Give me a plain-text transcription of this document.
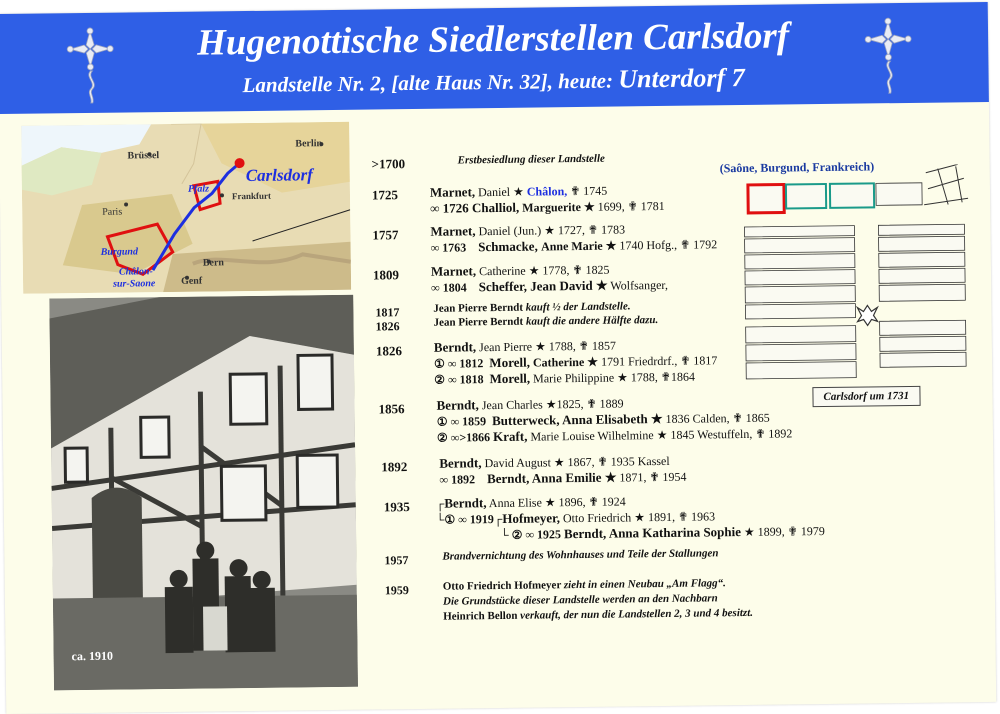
Hugenottische Siedlerstellen Carlsdorf
Landstelle Nr. 2, [alte Haus Nr. 32], heute: Unterdorf 7
Carlsdorf
Berlin
Brüssel
Paris
Pfalz
Frankfurt
Burgund
Châlon-
sur-Saone
Bern
Genf
ca. 1910
(Saône, Burgund, Frankreich)
Carlsdorf um 1731
>1700	Erstbesiedlung dieser Landstelle
1725 Marnet, Daniel ★ Châlon, ✟ 1745
∞ 1726 Challiol, Marguerite ★ 1699, ✟ 1781
1757 Marnet, Daniel (Jun.) ★ 1727, ✟ 1783
∞ 1763 Schmacke, Anne Marie ★ 1740 Hofg., ✟ 1792
1809 Marnet, Catherine ★ 1778, ✟ 1825
∞ 1804 Scheffer, Jean David ★ Wolfsanger,
1817	Jean Pierre Berndt kauft ½ der Landstelle.
1826	Jean Pierre Berndt kauft die andere Hälfte dazu.
1826 Berndt, Jean Pierre ★ 1788, ✟ 1857
① ∞ 1812 Morell, Catherine ★ 1791 Friedrdrf., ✟ 1817
② ∞ 1818 Morell, Marie Philippine ★ 1788, ✟1864
1856 Berndt, Jean Charles ★1825, ✟ 1889
① ∞ 1859 Butterweck, Anna Elisabeth ★ 1836 Calden, ✟ 1865
② ∞>1866 Kraft, Marie Louise Wilhelmine ★ 1845 Westuffeln, ✟ 1892
1892 Berndt, David August ★ 1867, ✟ 1935 Kassel
∞ 1892 Berndt, Anna Emilie ★ 1871, ✟ 1954
1935 ┌Berndt, Anna Elise ★ 1896, ✟ 1924
└① ∞ 1919┌Hofmeyer, Otto Friedrich ★ 1891, ✟ 1963
└ ② ∞ 1925 Berndt, Anna Katharina Sophie ★ 1899, ✟ 1979
1957	Brandvernichtung des Wohnhauses und Teile der Stallungen
1959	Otto Friedrich Hofmeyer zieht in einen Neubau „Am Flagg“.
Die Grundstücke dieser Landstelle werden an den Nachbarn
Heinrich Bellon verkauft, der nun die Landstellen 2, 3 und 4 besitzt.
